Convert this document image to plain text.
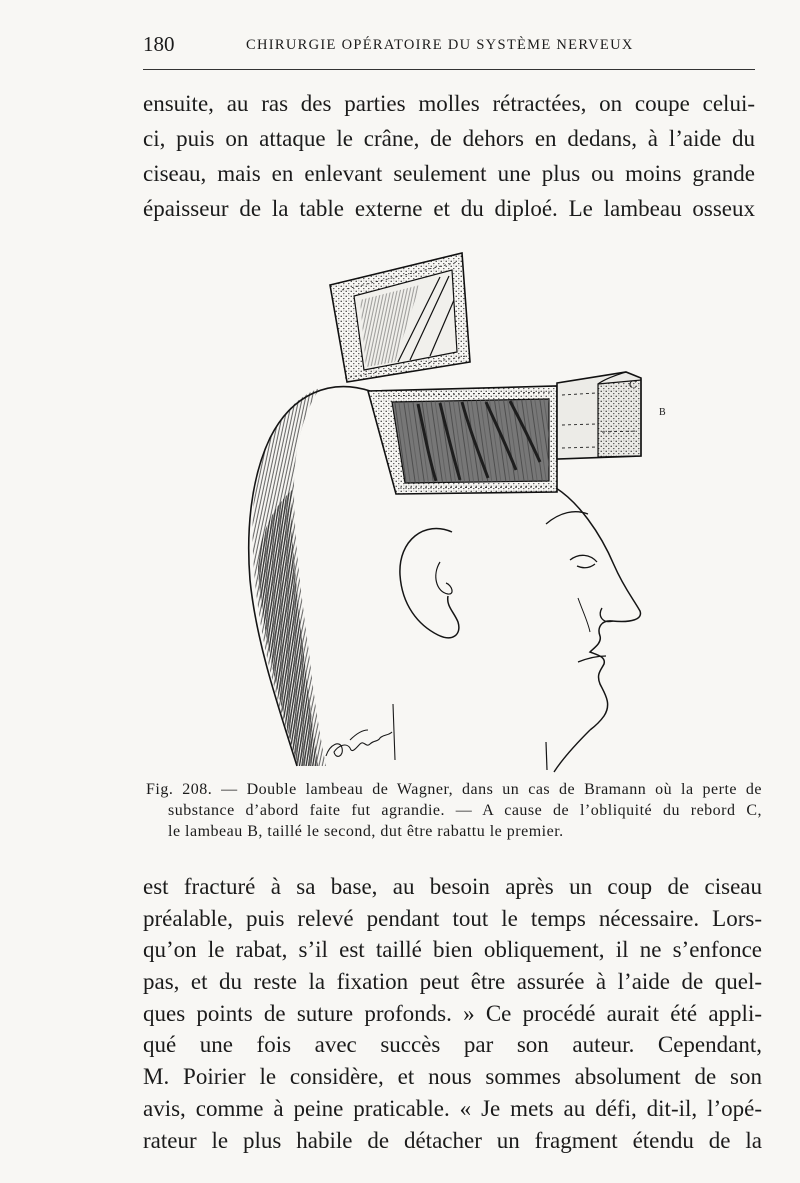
180	CHIRURGIE OPÉRATOIRE DU SYSTÈME NERVEUX
ensuite, au ras des parties molles rétractées, on coupe celui-
ci, puis on attaque le crâne, de dehors en dedans, à l’aide du
ciseau, mais en enlevant seulement une plus ou moins grande
épaisseur de la table externe et du diploé. Le lambeau osseux
C
B
Fig. 208. — Double lambeau de Wagner, dans un cas de Bramann où la perte de
substance d’abord faite fut agrandie. — A cause de l’obliquité du rebord C,
le lambeau B, taillé le second, dut être rabattu le premier.
est fracturé à sa base, au besoin après un coup de ciseau
préalable, puis relevé pendant tout le temps nécessaire. Lors-
qu’on le rabat, s’il est taillé bien obliquement, il ne s’enfonce
pas, et du reste la fixation peut être assurée à l’aide de quel-
ques points de suture profonds. » Ce procédé aurait été appli-
qué une fois avec succès par son auteur. Cependant,
M. Poirier le considère, et nous sommes absolument de son
avis, comme à peine praticable. « Je mets au défi, dit-il, l’opé-
rateur le plus habile de détacher un fragment étendu de la
